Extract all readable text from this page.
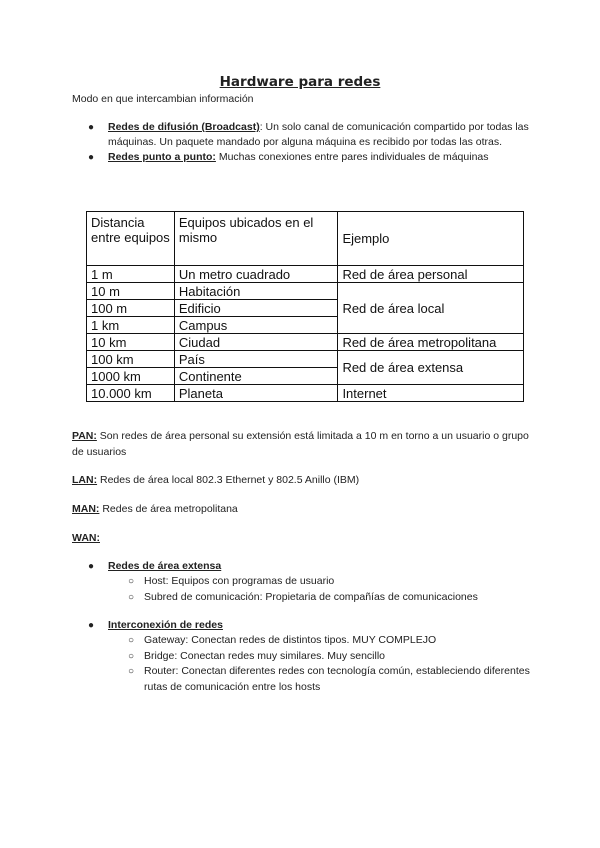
Hardware para redes
Modo en que intercambian información
● Redes de difusión (Broadcast): Un solo canal de comunicación compartido por todas las máquinas. Un paquete mandado por alguna máquina es recibido por todas las otras.
● Redes punto a punto: Muchas conexiones entre pares individuales de máquinas
Distancia entre equipos	Equipos ubicados en el mismo	Ejemplo
1 m	Un metro cuadrado	Red de área personal
10 m	Habitación	Red de área local
100 m	Edificio	
1 km	Campus	
10 km	Ciudad	Red de área metropolitana
100 km	País	Red de área extensa
1000 km	Continente	
10.000 km	Planeta	Internet
PAN: Son redes de área personal su extensión está limitada a 10 m en torno a un usuario o grupo de usuarios
LAN: Redes de área local 802.3 Ethernet y 802.5 Anillo (IBM)
MAN: Redes de área metropolitana
WAN:
● Redes de área extensa
○ Host: Equipos con programas de usuario
○ Subred de comunicación: Propietaria de compañías de comunicaciones
● Interconexión de redes
○ Gateway: Conectan redes de distintos tipos. MUY COMPLEJO
○ Bridge: Conectan redes muy similares. Muy sencillo
○ Router: Conectan diferentes redes con tecnología común, estableciendo diferentes rutas de comunicación entre los hosts
